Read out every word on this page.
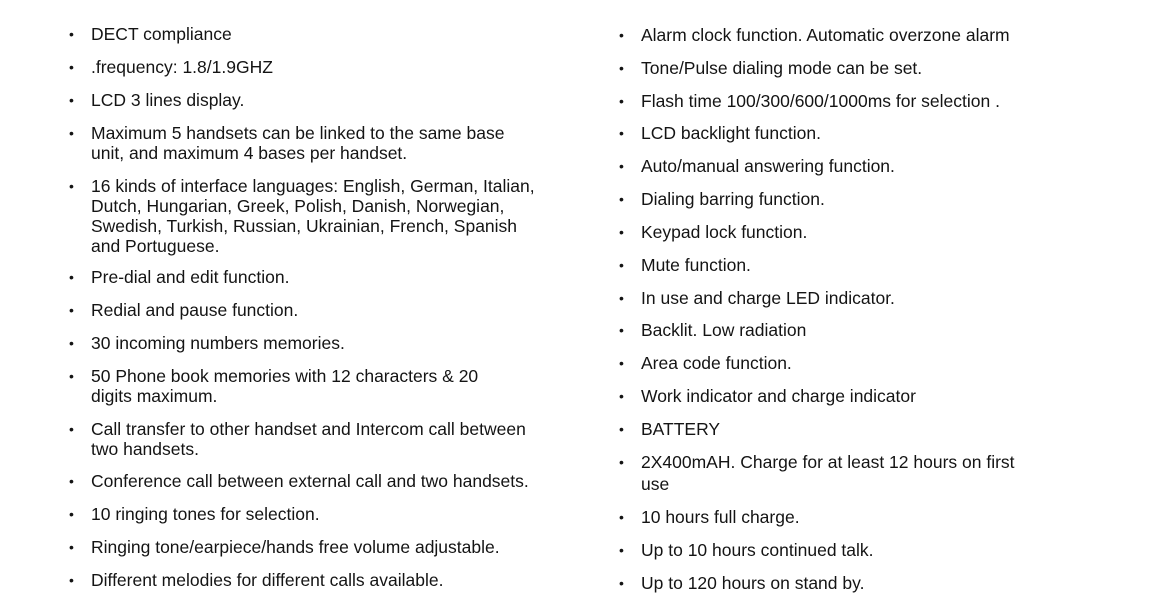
• DECT compliance
• .frequency: 1.8/1.9GHZ
• LCD 3 lines display.
• Maximum 5 handsets can be linked to the same base
unit, and maximum 4 bases per handset.
• 16 kinds of interface languages: English, German, Italian,
Dutch, Hungarian, Greek, Polish, Danish, Norwegian,
Swedish, Turkish, Russian, Ukrainian, French, Spanish
and Portuguese.
• Pre-dial and edit function.
• Redial and pause function.
• 30 incoming numbers memories.
• 50 Phone book memories with 12 characters & 20
digits maximum.
• Call transfer to other handset and Intercom call between
two handsets.
• Conference call between external call and two handsets.
• 10 ringing tones for selection.
• Ringing tone/earpiece/hands free volume adjustable.
• Different melodies for different calls available.
• Alarm clock function. Automatic overzone alarm
• Tone/Pulse dialing mode can be set.
• Flash time 100/300/600/1000ms for selection .
• LCD backlight function.
• Auto/manual answering function.
• Dialing barring function.
• Keypad lock function.
• Mute function.
• In use and charge LED indicator.
• Backlit. Low radiation
• Area code function.
• Work indicator and charge indicator
• BATTERY
• 2X400mAH. Charge for at least 12 hours on first
use
• 10 hours full charge.
• Up to 10 hours continued talk.
• Up to 120 hours on stand by.
